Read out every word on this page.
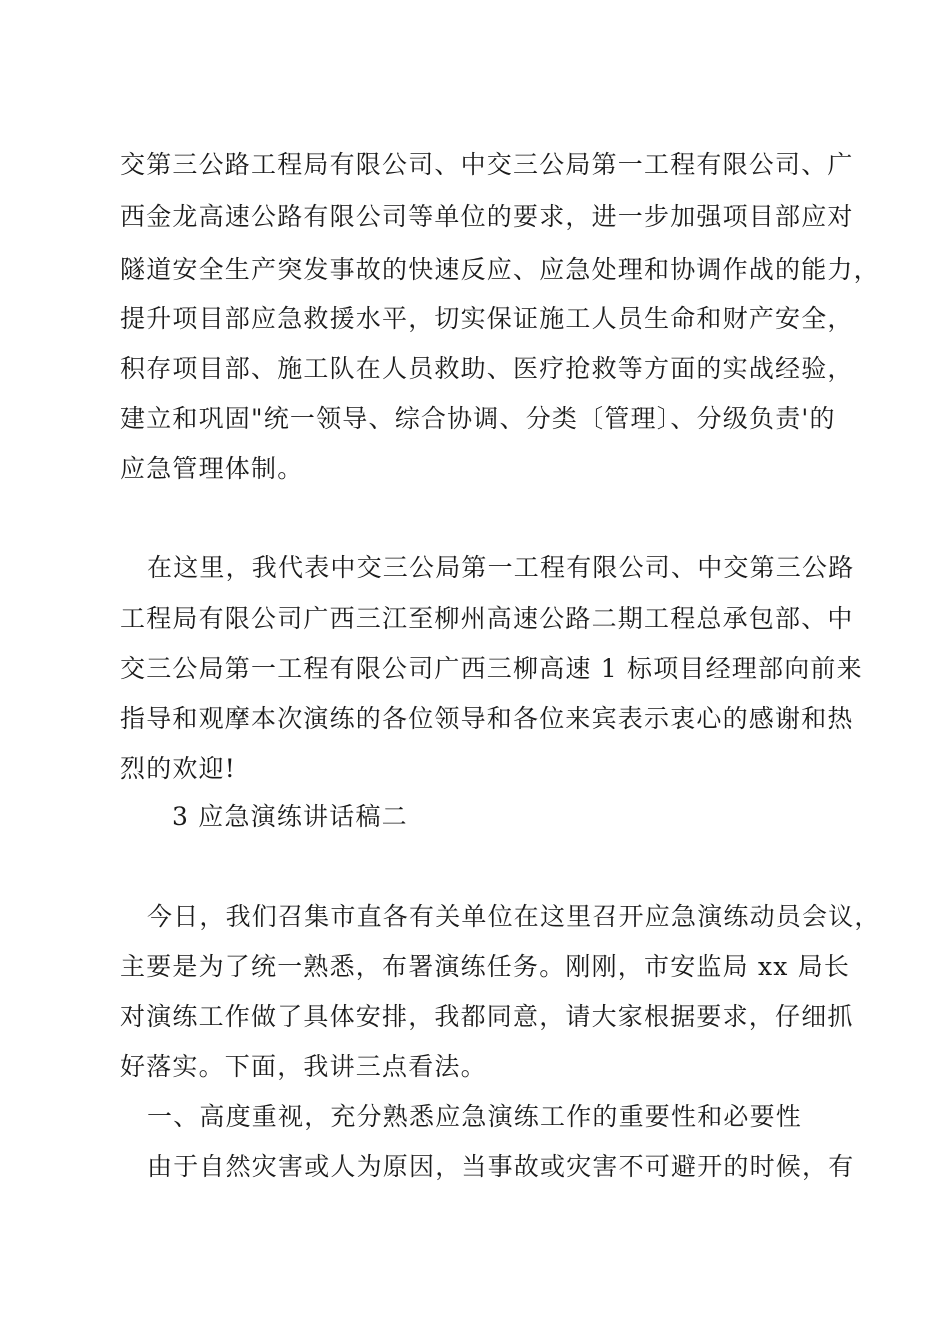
交第三公路工程局有限公司、中交三公局第一工程有限公司、广
西金龙高速公路有限公司等单位的要求，进一步加强项目部应对
隧道安全生产突发事故的快速反应、应急处理和协调作战的能力，
提升项目部应急救援水平，切实保证施工人员生命和财产安全，
积存项目部、施工队在人员救助、医疗抢救等方面的实战经验，
建立和巩固"统一领导、综合协调、分类〔管理〕、分级负责'的
应急管理体制。
在这里，我代表中交三公局第一工程有限公司、中交第三公路
工程局有限公司广西三江至柳州高速公路二期工程总承包部、中
交三公局第一工程有限公司广西三柳高速 1 标项目经理部向前来
指导和观摩本次演练的各位领导和各位来宾表示衷心的感谢和热
烈的欢迎!
3 应急演练讲话稿二
今日，我们召集市直各有关单位在这里召开应急演练动员会议，
主要是为了统一熟悉，布署演练任务。刚刚，市安监局 xx 局长
对演练工作做了具体安排，我都同意，请大家根据要求，仔细抓
好落实。下面，我讲三点看法。
一、高度重视，充分熟悉应急演练工作的重要性和必要性
由于自然灾害或人为原因，当事故或灾害不可避开的时候，有
